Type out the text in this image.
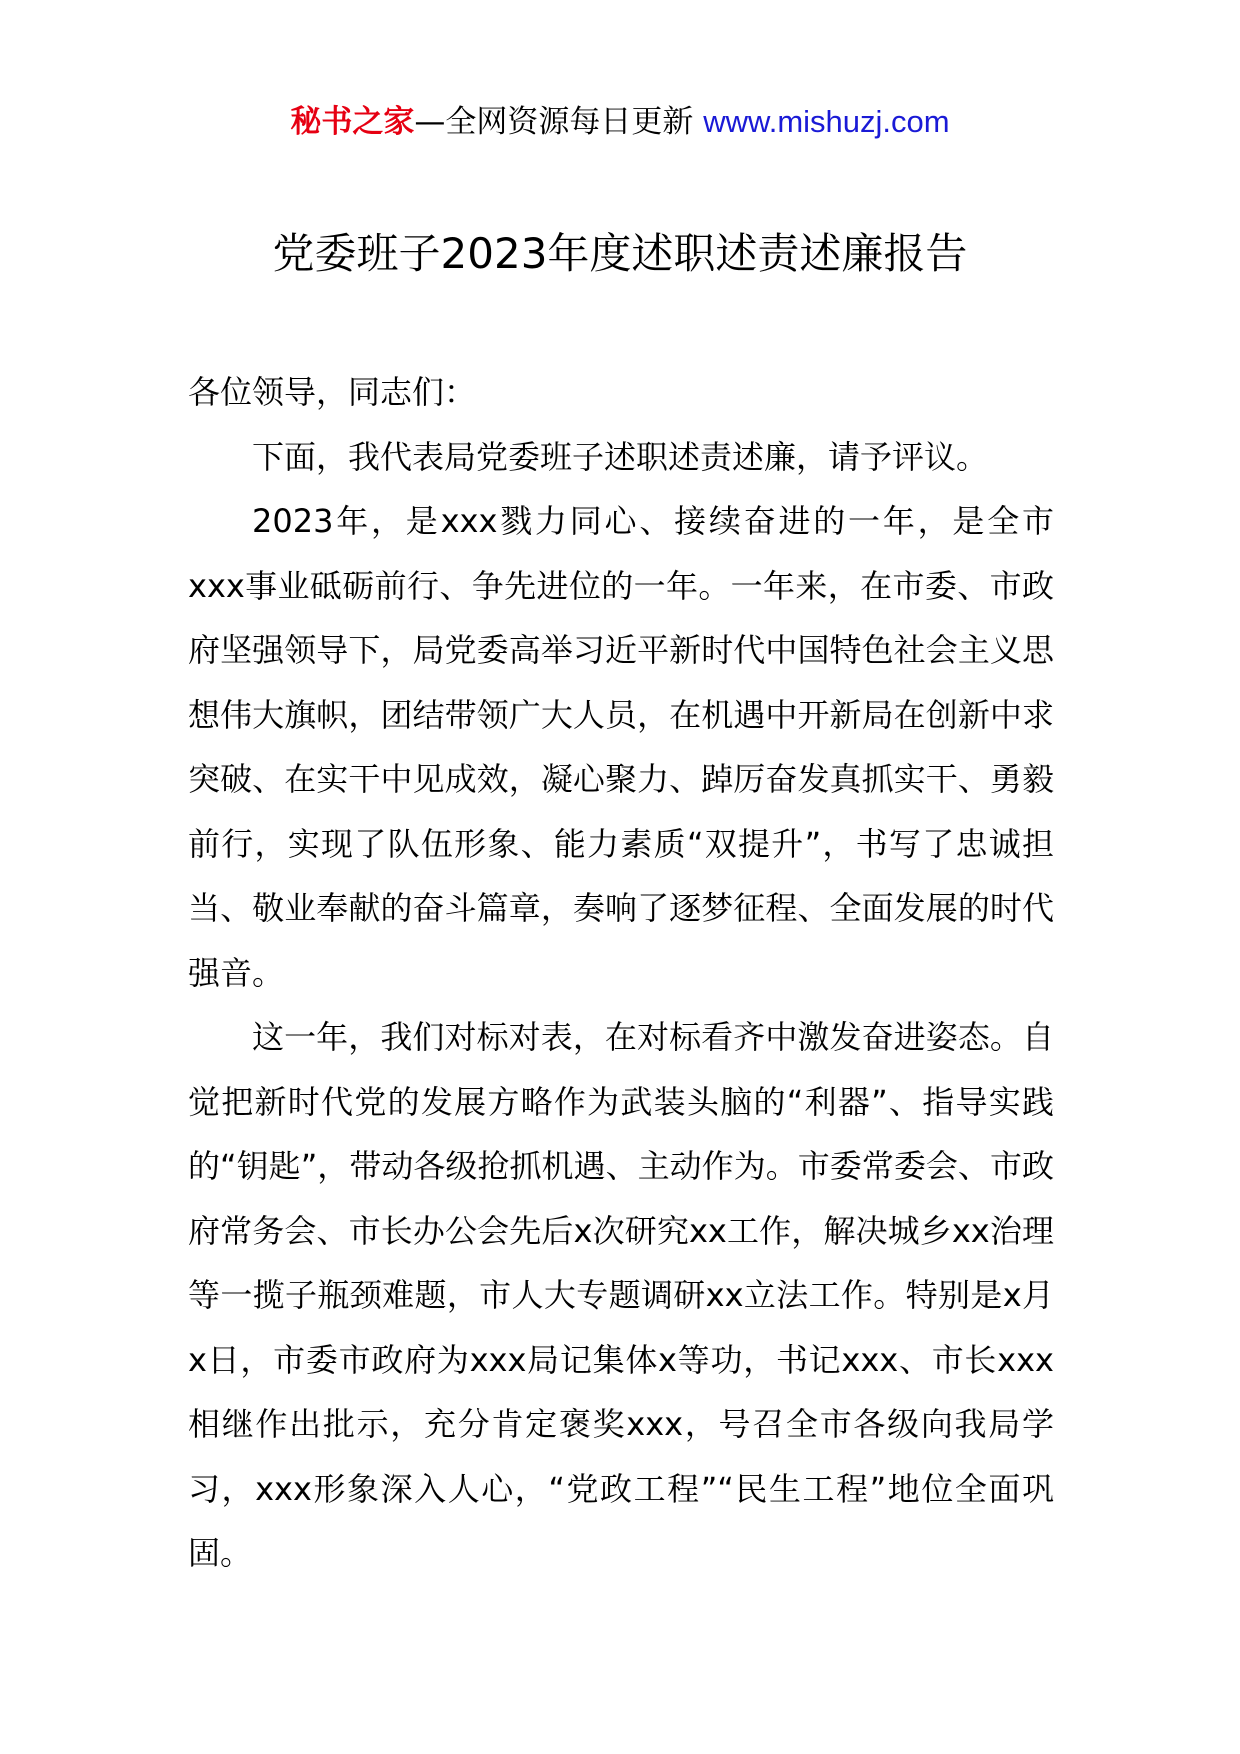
秘书之家—全网资源每日更新 www.mishuzj.com
党委班子2023年度述职述责述廉报告

各位领导，同志们：

下面，我代表局党委班子述职述责述廉，请予评议。

2023年，是xxx戮力同心、接续奋进的一年，是全市xxx事业砥砺前行、争先进位的一年。一年来，在市委、市政府坚强领导下，局党委高举习近平新时代中国特色社会主义思想伟大旗帜，团结带领广大人员，在机遇中开新局在创新中求突破、在实干中见成效，凝心聚力、踔厉奋发真抓实干、勇毅前行，实现了队伍形象、能力素质“双提升”，书写了忠诚担当、敬业奉献的奋斗篇章，奏响了逐梦征程、全面发展的时代强音。

这一年，我们对标对表，在对标看齐中激发奋进姿态。自觉把新时代党的发展方略作为武装头脑的“利器”、指导实践的“钥匙”，带动各级抢抓机遇、主动作为。市委常委会、市政府常务会、市长办公会先后x次研究xx工作，解决城乡xx治理等一揽子瓶颈难题，市人大专题调研xx立法工作。特别是x月x日，市委市政府为xxx局记集体x等功，书记xxx、市长xxx相继作出批示，充分肯定褒奖xxx，号召全市各级向我局学习，xxx形象深入人心，“党政工程”“民生工程”地位全面巩固。
